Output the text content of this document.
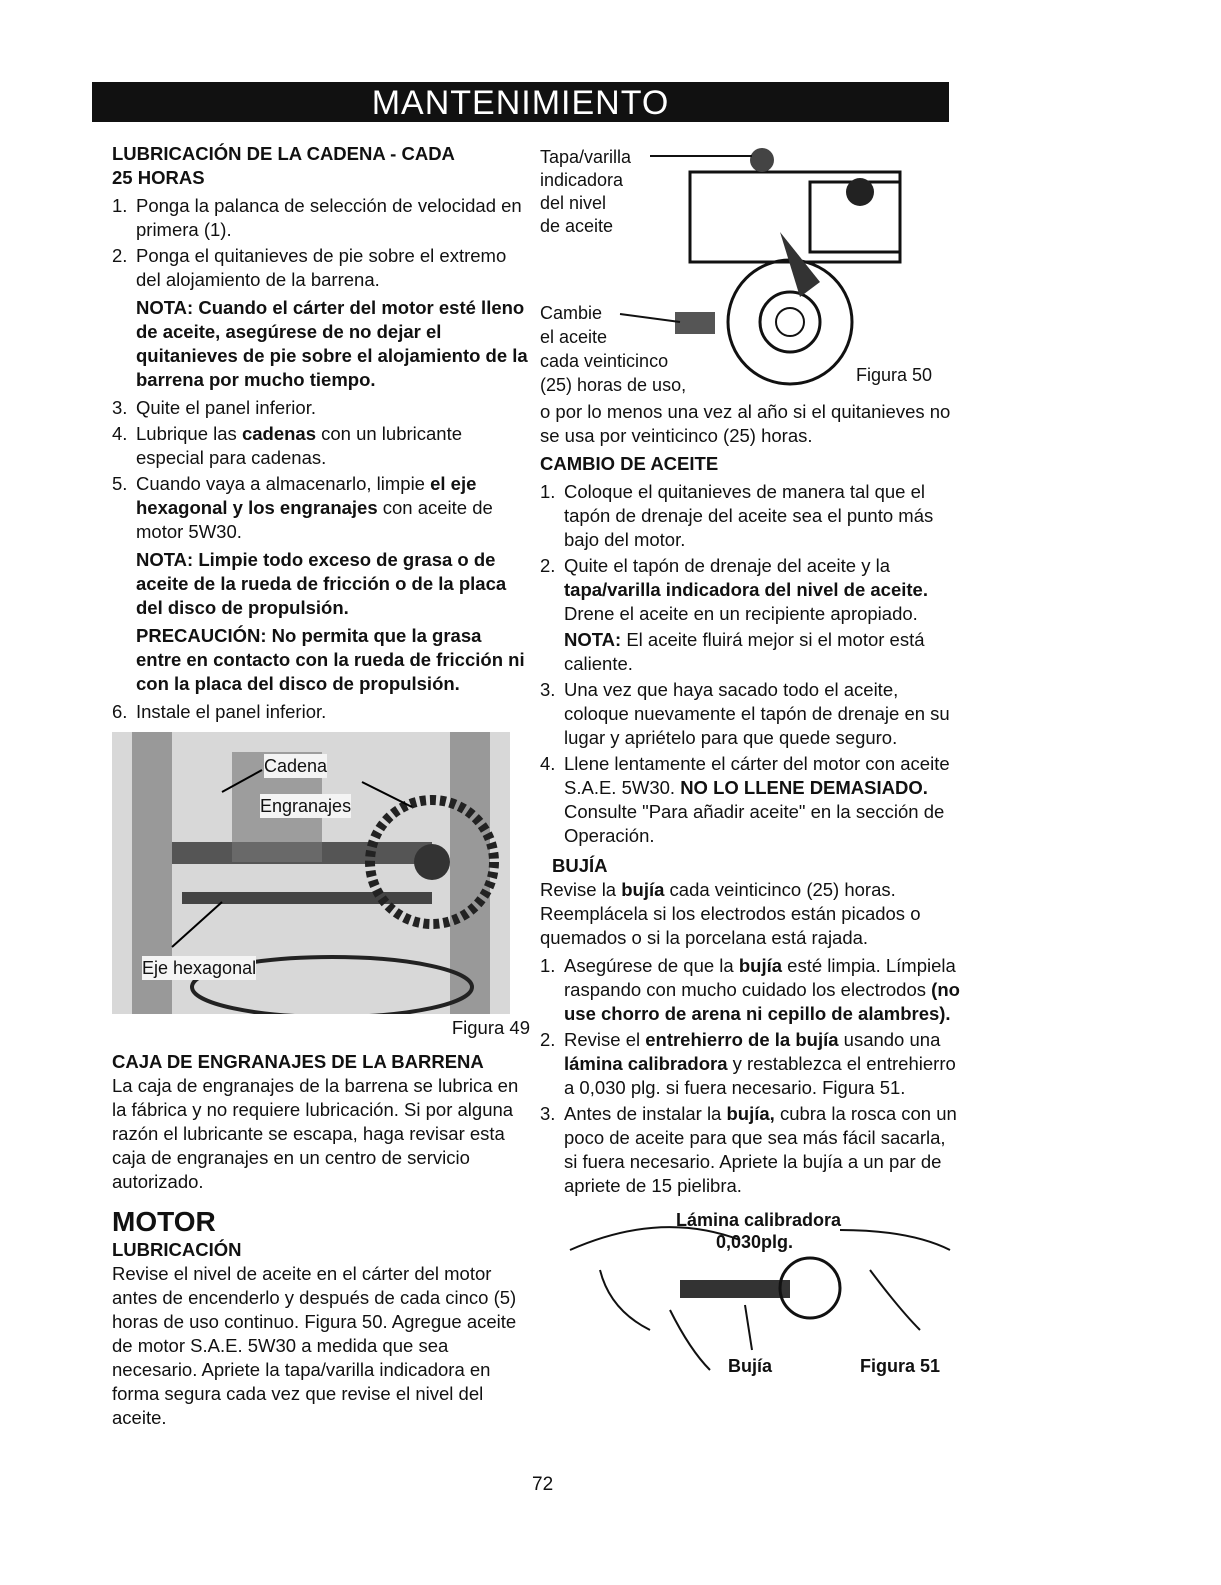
MANTENIMIENTO
LUBRICACIÓN DE LA CADENA - CADA
25 HORAS
1. Ponga la palanca de selección de velocidad en primera (1).
2. Ponga el quitanieves de pie sobre el extremo del alojamiento de la barrena.

NOTA: Cuando el cárter del motor esté lleno de aceite, asegúrese de no dejar el quitanieves de pie sobre el alojamiento de la barrena por mucho tiempo.

3. Quite el panel inferior.
4. Lubrique las cadenas con un lubricante especial para cadenas.
5. Cuando vaya a almacenarlo, limpie el eje hexagonal y los engranajes con aceite de motor 5W30.

NOTA: Limpie todo exceso de grasa o de aceite de la rueda de fricción o de la placa del disco de propulsión.

PRECAUCIÓN: No permita que la grasa entre en contacto con la rueda de fricción ni con la placa del disco de propulsión.

6. Instale el panel inferior.
Cadena
Engranajes
Eje hexagonal
Figura 49
CAJA DE ENGRANAJES DE LA BARRENA

La caja de engranajes de la barrena se lubrica en la fábrica y no requiere lubricación. Si por alguna razón el lubricante se escapa, haga revisar esta caja de engranajes en un centro de servicio autorizado.

MOTOR
LUBRICACIÓN

Revise el nivel de aceite en el cárter del motor antes de encenderlo y después de cada cinco (5) horas de uso continuo. Figura 50. Agregue aceite de motor S.A.E. 5W30 a medida que sea necesario. Apriete la tapa/varilla indicadora en forma segura cada vez que revise el nivel del aceite.

Tapa/varilla
indicadora
del nivel
de aceite
Cambie
el aceite
cada veinticinco
(25) horas de uso,	Figura 50

o por lo menos una vez al año si el quitanieves no se usa por veinticinco (25) horas.

CAMBIO DE ACEITE
1. Coloque el quitanieves de manera tal que el tapón de drenaje del aceite sea el punto más bajo del motor.
2. Quite el tapón de drenaje del aceite y la tapa/varilla indicadora del nivel de aceite. Drene el aceite en un recipiente apropiado.

NOTA: El aceite fluirá mejor si el motor está caliente.

3. Una vez que haya sacado todo el aceite, coloque nuevamente el tapón de drenaje en su lugar y apriételo para que quede seguro.
4. Llene lentamente el cárter del motor con aceite S.A.E. 5W30. NO LO LLENE DEMASIADO. Consulte "Para añadir aceite" en la sección de Operación.
BUJÍA

Revise la bujía cada veinticinco (25) horas. Reemplácela si los electrodos están picados o quemados o si la porcelana está rajada.

1. Asegúrese de que la bujía esté limpia. Límpiela raspando con mucho cuidado los electrodos (no use chorro de arena ni cepillo de alambres).
2. Revise el entrehierro de la bujía usando una lámina calibradora y restablezca el entrehierro a 0,030 plg. si fuera necesario. Figura 51.
3. Antes de instalar la bujía, cubra la rosca con un poco de aceite para que sea más fácil sacarla, si fuera necesario. Apriete la bujía a un par de apriete de 15 pielibra.
Lámina calibradora
0,030plg.
Bujía	Figura 51
72
